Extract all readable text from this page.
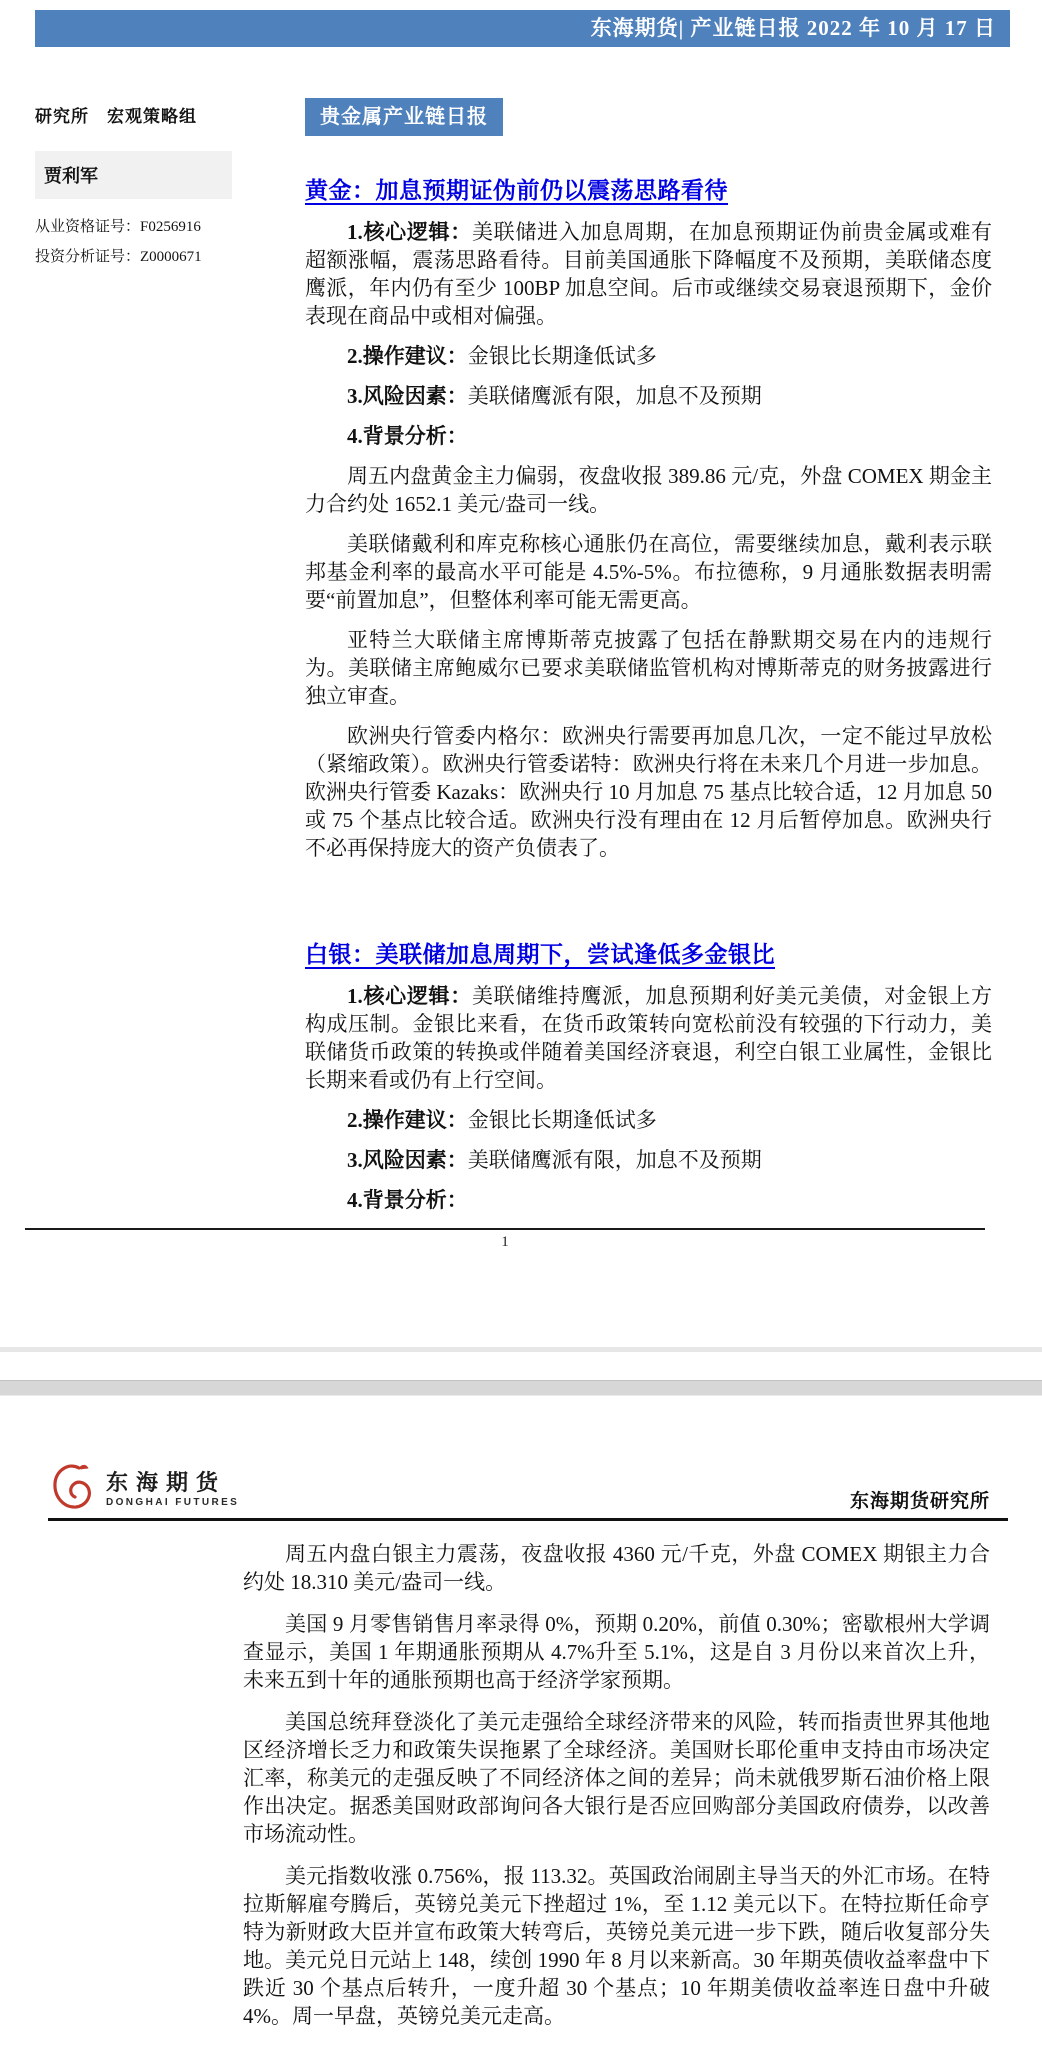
东海期货| 产业链日报 2022 年 10 月 17 日
研究所　宏观策略组
贾利军
从业资格证号：F0256916
投资分析证号：Z0000671
贵金属产业链日报
黄金：加息预期证伪前仍以震荡思路看待

1.核心逻辑：美联储进入加息周期，在加息预期证伪前贵金属或难有超额涨幅，震荡思路看待。目前美国通胀下降幅度不及预期，美联储态度鹰派，年内仍有至少 100BP 加息空间。后市或继续交易衰退预期下，金价表现在商品中或相对偏强。

2.操作建议：金银比长期逢低试多

3.风险因素：美联储鹰派有限，加息不及预期

4.背景分析：

周五内盘黄金主力偏弱，夜盘收报 389.86 元/克，外盘 COMEX 期金主力合约处 1652.1 美元/盎司一线。

美联储戴利和库克称核心通胀仍在高位，需要继续加息，戴利表示联邦基金利率的最高水平可能是 4.5%-5%。布拉德称，9 月通胀数据表明需要“前置加息”，但整体利率可能无需更高。

亚特兰大联储主席博斯蒂克披露了包括在静默期交易在内的违规行为。美联储主席鲍威尔已要求美联储监管机构对博斯蒂克的财务披露进行独立审查。

欧洲央行管委内格尔：欧洲央行需要再加息几次，一定不能过早放松（紧缩政策）。欧洲央行管委诺特：欧洲央行将在未来几个月进一步加息。欧洲央行管委 Kazaks：欧洲央行 10 月加息 75 基点比较合适，12 月加息 50 或 75 个基点比较合适。欧洲央行没有理由在 12 月后暂停加息。欧洲央行不必再保持庞大的资产负债表了。

白银：美联储加息周期下，尝试逢低多金银比

1.核心逻辑：美联储维持鹰派，加息预期利好美元美债，对金银上方构成压制。金银比来看，在货币政策转向宽松前没有较强的下行动力，美联储货币政策的转换或伴随着美国经济衰退，利空白银工业属性，金银比长期来看或仍有上行空间。

2.操作建议：金银比长期逢低试多

3.风险因素：美联储鹰派有限，加息不及预期

4.背景分析：

1
东海期货
DONGHAI FUTURES	东海期货研究所

周五内盘白银主力震荡，夜盘收报 4360 元/千克，外盘 COMEX 期银主力合约处 18.310 美元/盎司一线。

美国 9 月零售销售月率录得 0%，预期 0.20%，前值 0.30%；密歇根州大学调查显示，美国 1 年期通胀预期从 4.7%升至 5.1%，这是自 3 月份以来首次上升，未来五到十年的通胀预期也高于经济学家预期。

美国总统拜登淡化了美元走强给全球经济带来的风险，转而指责世界其他地区经济增长乏力和政策失误拖累了全球经济。美国财长耶伦重申支持由市场决定汇率，称美元的走强反映了不同经济体之间的差异；尚未就俄罗斯石油价格上限作出决定。据悉美国财政部询问各大银行是否应回购部分美国政府债券，以改善市场流动性。

美元指数收涨 0.756%，报 113.32。英国政治闹剧主导当天的外汇市场。在特拉斯解雇夸腾后，英镑兑美元下挫超过 1%，至 1.12 美元以下。在特拉斯任命亨特为新财政大臣并宣布政策大转弯后，英镑兑美元进一步下跌，随后收复部分失地。美元兑日元站上 148，续创 1990 年 8 月以来新高。30 年期英债收益率盘中下跌近 30 个基点后转升，一度升超 30 个基点；10 年期美债收益率连日盘中升破 4%。周一早盘，英镑兑美元走高。
